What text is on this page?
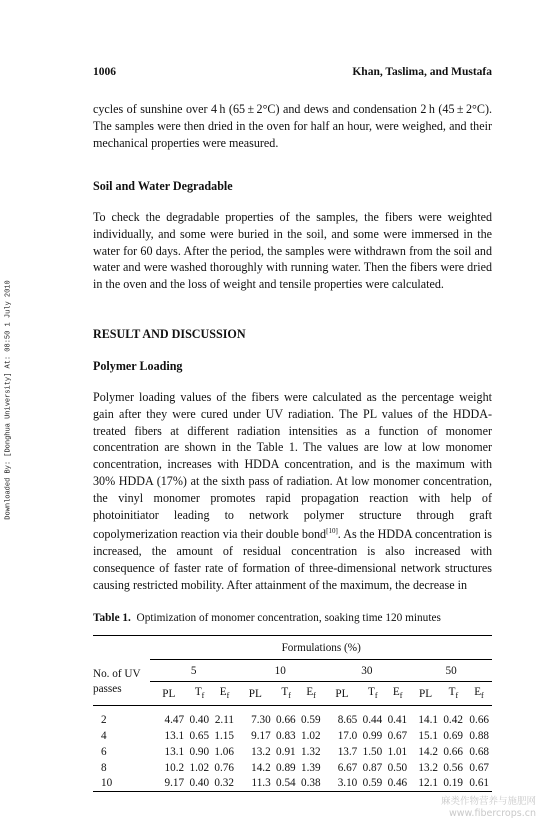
Downloaded By: [Donghua University] At: 08:50 1 July 2010
1006	Khan, Taslima, and Mustafa

cycles of sunshine over 4 h (65 ± 2°C) and dews and condensation 2 h (45 ± 2°C). The samples were then dried in the oven for half an hour, were weighed, and their mechanical properties were measured.

Soil and Water Degradable

To check the degradable properties of the samples, the fibers were weighted individually, and some were buried in the soil, and some were immersed in the water for 60 days. After the period, the samples were withdrawn from the soil and water and were washed thoroughly with running water. Then the fibers were dried in the oven and the loss of weight and tensile properties were calculated.

RESULT AND DISCUSSION

Polymer Loading

Polymer loading values of the fibers were calculated as the percentage weight gain after they were cured under UV radiation. The PL values of the HDDA-treated fibers at different radiation intensities as a function of monomer concentration are shown in the Table 1. The values are low at low monomer concentration, increases with HDDA concentration, and is the maximum with 30% HDDA (17%) at the sixth pass of radiation. At low monomer concentration, the vinyl monomer promotes rapid propagation reaction with help of photoinitiator leading to network polymer structure through graft copolymerization reaction via their double bond[10]. As the HDDA concentration is increased, the amount of residual concentration is also increased with consequence of faster rate of formation of three-dimensional network structures causing restricted mobility. After attainment of the maximum, the decrease in

Table 1. Optimization of monomer concentration, soaking time 120 minutes

	Formulations (%)											
No. of UV
passes	5			10			30			50		
	PL	$T_f$	$E_f$	PL	$T_f$	$E_f$	PL	$T_f$	$E_f$	PL	$T_f$	$E_f$
2	4.47	0.40	2.11	7.30	0.66	0.59	8.65	0.44	0.41	14.1	0.42	0.66
4	13.1	0.65	1.15	9.17	0.83	1.02	17.0	0.99	0.67	15.1	0.69	0.88
6	13.1	0.90	1.06	13.2	0.91	1.32	13.7	1.50	1.01	14.2	0.66	0.68
8	10.2	1.02	0.76	14.2	0.89	1.39	6.67	0.87	0.50	13.2	0.56	0.67
10	9.17	0.40	0.32	11.3	0.54	0.38	3.10	0.59	0.46	12.1	0.19	0.61
麻类作物营养与施肥网
www.fibercrops.cn
